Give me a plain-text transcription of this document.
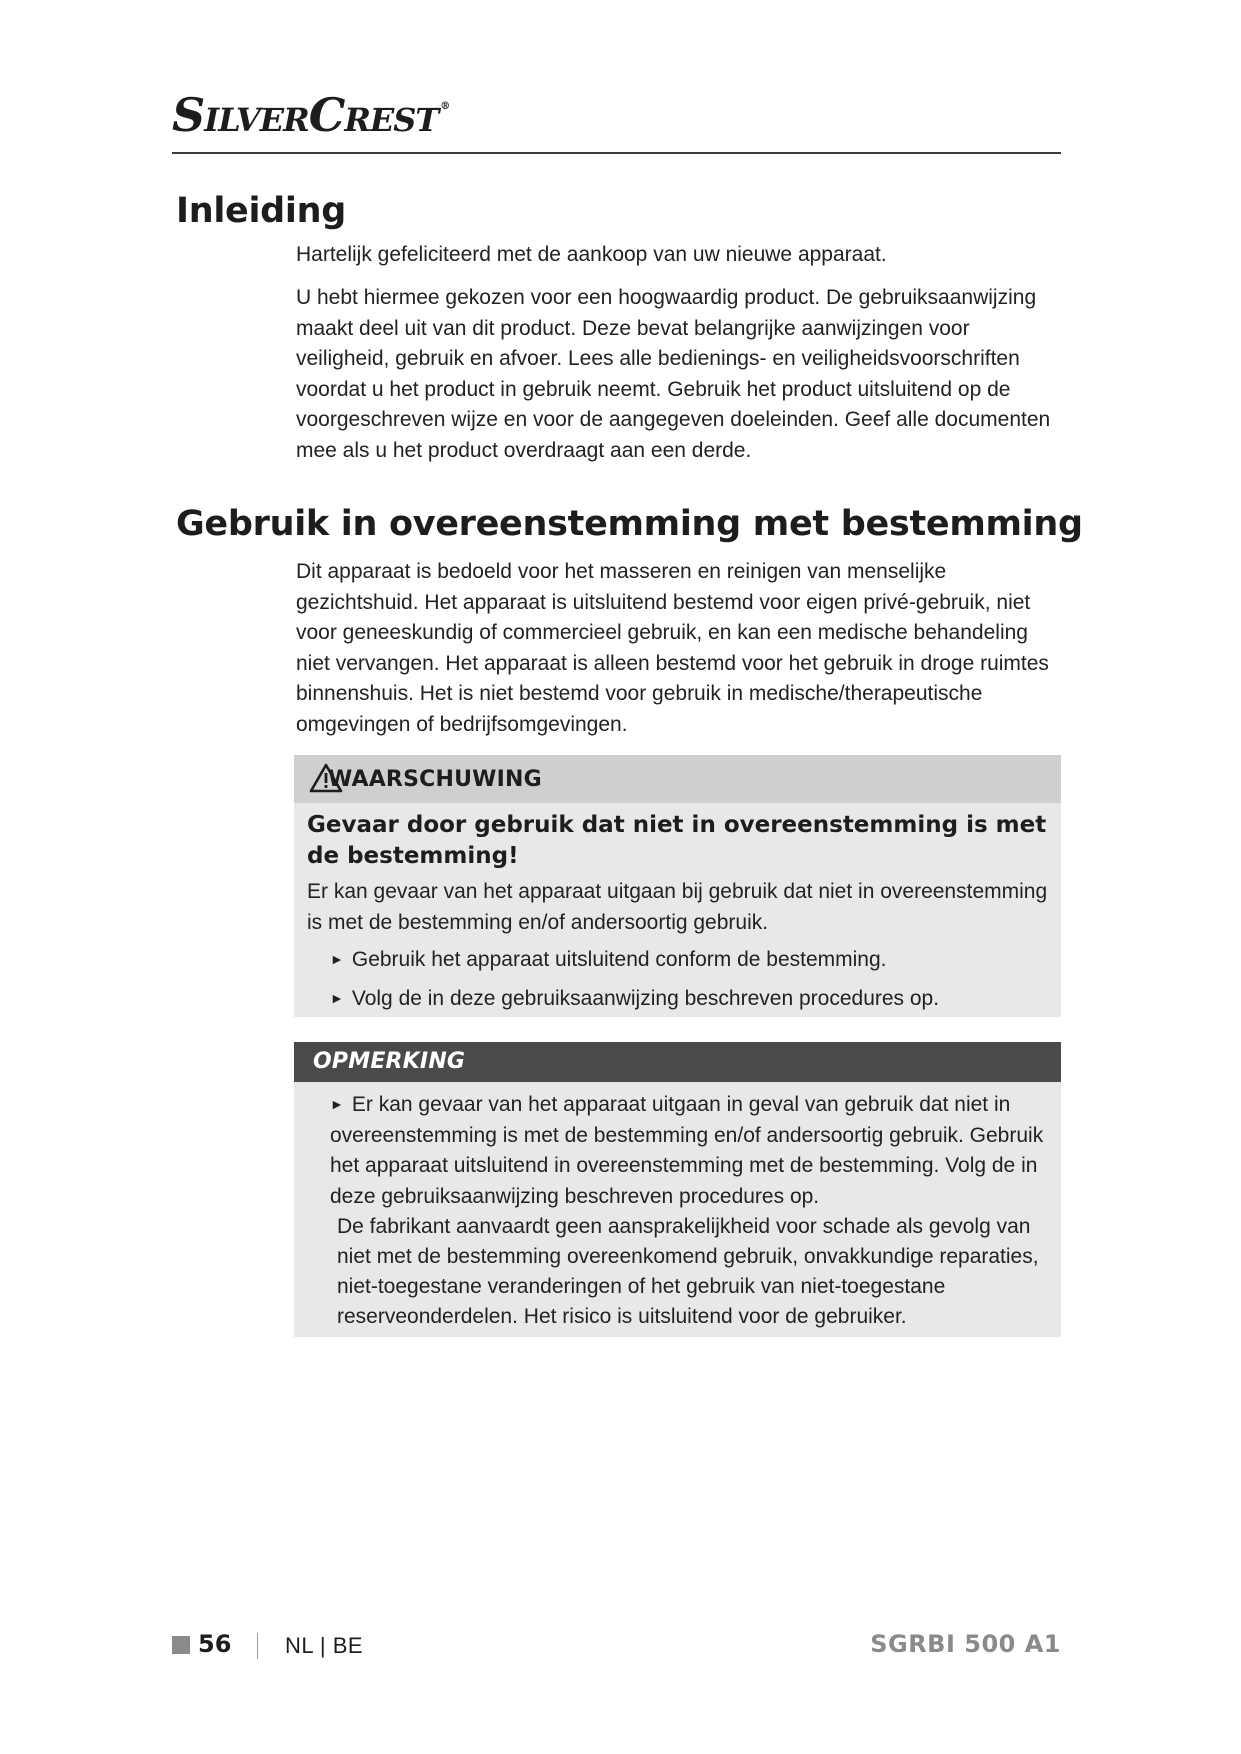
SilverCrest ®
Inleiding

Hartelijk gefeliciteerd met de aankoop van uw nieuwe apparaat.

U hebt hiermee gekozen voor een hoogwaardig product. De gebruiksaanwijzing maakt deel uit van dit product. Deze bevat belangrijke aanwijzingen voor veiligheid, gebruik en afvoer. Lees alle bedienings- en veiligheidsvoorschriften voordat u het product in gebruik neemt. Gebruik het product uitsluitend op de voorgeschreven wijze en voor de aangegeven doeleinden. Geef alle documenten mee als u het product overdraagt aan een derde.

Gebruik in overeenstemming met bestemming

Dit apparaat is bedoeld voor het masseren en reinigen van menselijke gezichtshuid. Het apparaat is uitsluitend bestemd voor eigen privé-gebruik, niet voor geneeskundig of commercieel gebruik, en kan een medische behandeling niet vervangen. Het apparaat is alleen bestemd voor het gebruik in droge ruimtes binnenshuis. Het is niet bestemd voor gebruik in medische/therapeutische omgevingen of bedrijfsomgevingen.

WAARSCHUWING

Gevaar door gebruik dat niet in overeenstemming is met de bestemming!

Er kan gevaar van het apparaat uitgaan bij gebruik dat niet in overeenstemming is met de bestemming en/of andersoortig gebruik.

► Gebruik het apparaat uitsluitend conform de bestemming.
► Volg de in deze gebruiksaanwijzing beschreven procedures op.
OPMERKING
► Er kan gevaar van het apparaat uitgaan in geval van gebruik dat niet in overeenstemming is met de bestemming en/of andersoortig gebruik. Gebruik het apparaat uitsluitend in overeenstemming met de bestemming. Volg de in deze gebruiksaanwijzing beschreven procedures op.
De fabrikant aanvaardt geen aansprakelijkheid voor schade als gevolg van niet met de bestemming overeenkomend gebruik, onvakkundige reparaties, niet-toegestane veranderingen of het gebruik van niet-toegestane reserveonderdelen. Het risico is uitsluitend voor de gebruiker.
56 NL | BE	SGRBI 500 A1
